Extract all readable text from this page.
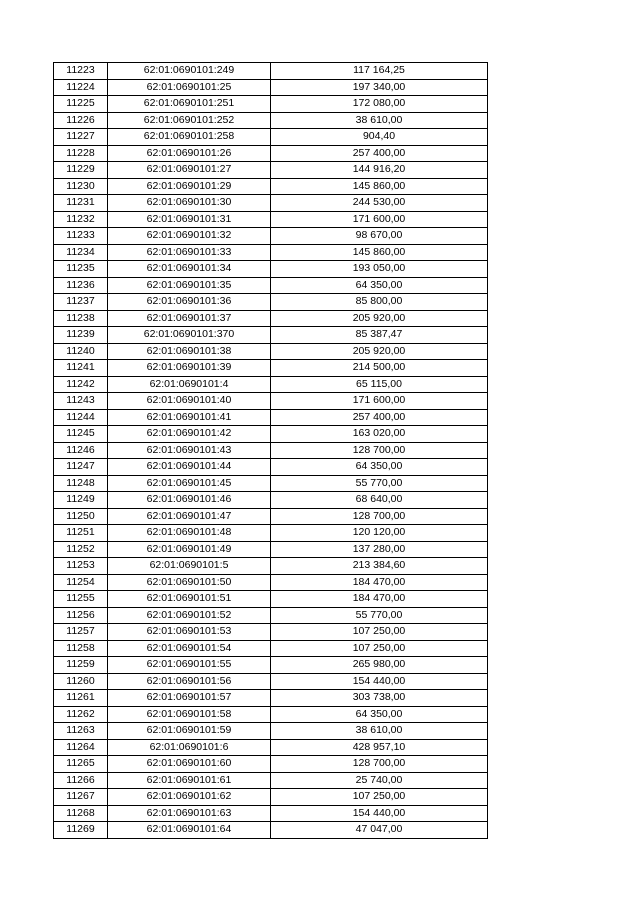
11223	62:01:0690101:249	117 164,25
11224	62:01:0690101:25	197 340,00
11225	62:01:0690101:251	172 080,00
11226	62:01:0690101:252	38 610,00
11227	62:01:0690101:258	904,40
11228	62:01:0690101:26	257 400,00
11229	62:01:0690101:27	144 916,20
11230	62:01:0690101:29	145 860,00
11231	62:01:0690101:30	244 530,00
11232	62:01:0690101:31	171 600,00
11233	62:01:0690101:32	98 670,00
11234	62:01:0690101:33	145 860,00
11235	62:01:0690101:34	193 050,00
11236	62:01:0690101:35	64 350,00
11237	62:01:0690101:36	85 800,00
11238	62:01:0690101:37	205 920,00
11239	62:01:0690101:370	85 387,47
11240	62:01:0690101:38	205 920,00
11241	62:01:0690101:39	214 500,00
11242	62:01:0690101:4	65 115,00
11243	62:01:0690101:40	171 600,00
11244	62:01:0690101:41	257 400,00
11245	62:01:0690101:42	163 020,00
11246	62:01:0690101:43	128 700,00
11247	62:01:0690101:44	64 350,00
11248	62:01:0690101:45	55 770,00
11249	62:01:0690101:46	68 640,00
11250	62:01:0690101:47	128 700,00
11251	62:01:0690101:48	120 120,00
11252	62:01:0690101:49	137 280,00
11253	62:01:0690101:5	213 384,60
11254	62:01:0690101:50	184 470,00
11255	62:01:0690101:51	184 470,00
11256	62:01:0690101:52	55 770,00
11257	62:01:0690101:53	107 250,00
11258	62:01:0690101:54	107 250,00
11259	62:01:0690101:55	265 980,00
11260	62:01:0690101:56	154 440,00
11261	62:01:0690101:57	303 738,00
11262	62:01:0690101:58	64 350,00
11263	62:01:0690101:59	38 610,00
11264	62:01:0690101:6	428 957,10
11265	62:01:0690101:60	128 700,00
11266	62:01:0690101:61	25 740,00
11267	62:01:0690101:62	107 250,00
11268	62:01:0690101:63	154 440,00
11269	62:01:0690101:64	47 047,00
